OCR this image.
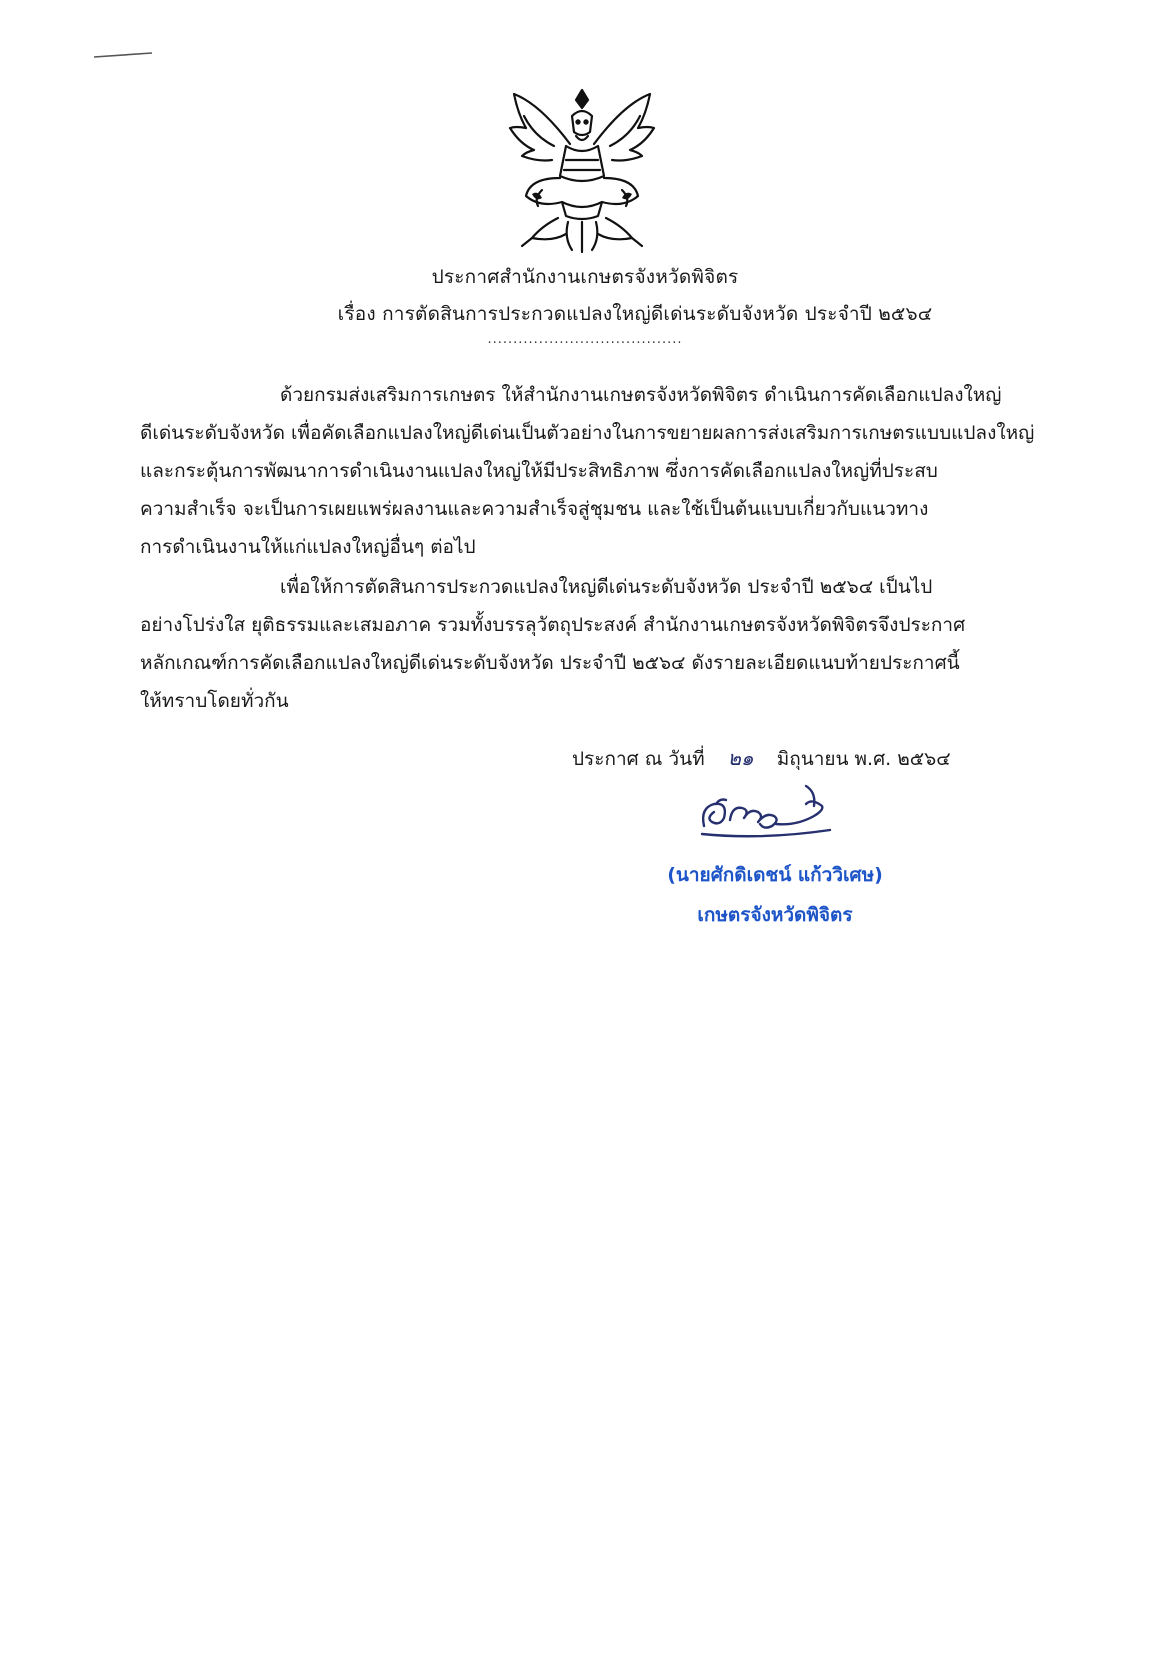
ประกาศสำนักงานเกษตรจังหวัดพิจิตร
เรื่อง การตัดสินการประกวดแปลงใหญ่ดีเด่นระดับจังหวัด ประจำปี ๒๕๖๔
......................................
ด้วยกรมส่งเสริมการเกษตร ให้สำนักงานเกษตรจังหวัดพิจิตร ดำเนินการคัดเลือกแปลงใหญ่
ดีเด่นระดับจังหวัด เพื่อคัดเลือกแปลงใหญ่ดีเด่นเป็นตัวอย่างในการขยายผลการส่งเสริมการเกษตรแบบแปลงใหญ่
และกระตุ้นการพัฒนาการดำเนินงานแปลงใหญ่ให้มีประสิทธิภาพ ซึ่งการคัดเลือกแปลงใหญ่ที่ประสบ
ความสำเร็จ จะเป็นการเผยแพร่ผลงานและความสำเร็จสู่ชุมชน และใช้เป็นต้นแบบเกี่ยวกับแนวทาง
การดำเนินงานให้แก่แปลงใหญ่อื่นๆ ต่อไป
เพื่อให้การตัดสินการประกวดแปลงใหญ่ดีเด่นระดับจังหวัด ประจำปี ๒๕๖๔ เป็นไป
อย่างโปร่งใส ยุติธรรมและเสมอภาค รวมทั้งบรรลุวัตถุประสงค์ สำนักงานเกษตรจังหวัดพิจิตรจึงประกาศ
หลักเกณฑ์การคัดเลือกแปลงใหญ่ดีเด่นระดับจังหวัด ประจำปี ๒๕๖๔ ดังรายละเอียดแนบท้ายประกาศนี้
ให้ทราบโดยทั่วกัน
ประกาศ ณ วันที่ ๒๑ มิถุนายน พ.ศ. ๒๕๖๔
(นายศักดิเดชน์ แก้ววิเศษ)
เกษตรจังหวัดพิจิตร
